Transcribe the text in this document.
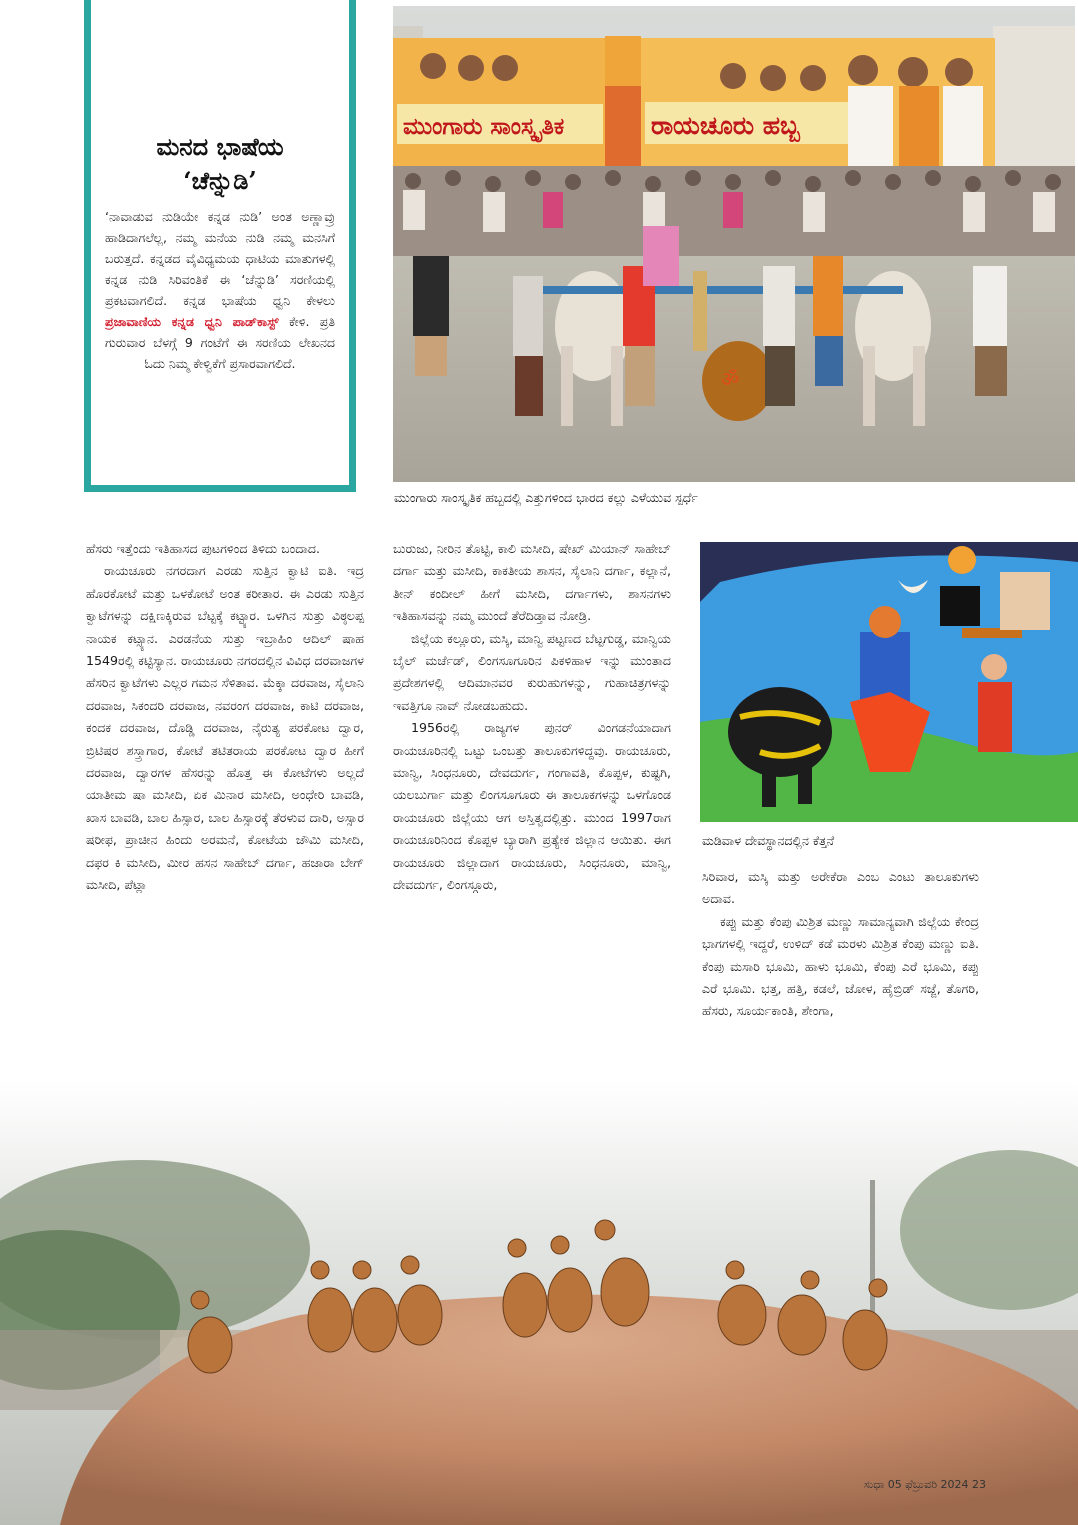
ಮನದ ಭಾಷೆಯ
‘ಚೆನ್ನುಡಿ’

‘ನಾವಾಡುವ ನುಡಿಯೇ ಕನ್ನಡ ನುಡಿ’ ಅಂತ ಅಣ್ಣಾವ್ರು ಹಾಡಿದಾಗಲೆಲ್ಲ, ನಮ್ಮ ಮನೆಯ ನುಡಿ ನಮ್ಮ ಮನಸಿಗೆ ಬರುತ್ತದೆ. ಕನ್ನಡದ ವೈವಿಧ್ಯಮಯ ಧಾಟಿಯ ಮಾತುಗಳಲ್ಲಿ ಕನ್ನಡ ನುಡಿ ಸಿರಿವಂತಿಕೆ ಈ ‘ಚೆನ್ನುಡಿ’ ಸರಣಿಯಲ್ಲಿ ಪ್ರಕಟವಾಗಲಿದೆ. ಕನ್ನಡ ಭಾಷೆಯ ಧ್ವನಿ ಕೇಳಲು ಪ್ರಜಾವಾಣಿಯ ಕನ್ನಡ ಧ್ವನಿ ಪಾಡ್‌ಕಾಸ್ಟ್ ಕೇಳಿ. ಪ್ರತಿ ಗುರುವಾರ ಬೆಳಗ್ಗೆ 9 ಗಂಟೆಗೆ ಈ ಸರಣಿಯ ಲೇಖನದ ಓದು ನಿಮ್ಮ ಕೇಳ್ವಿಕೆಗೆ ಪ್ರಸಾರವಾಗಲಿದೆ.

ಮುಂಗಾರು ಸಾಂಸ್ಕೃತಿಕ	ರಾಯಚೂರು ಹಬ್ಬ
ॐ
ಮುಂಗಾರು ಸಾಂಸ್ಕೃತಿಕ ಹಬ್ಬದಲ್ಲಿ ಎತ್ತುಗಳಿಂದ ಭಾರದ ಕಲ್ಲು ಎಳೆಯುವ ಸ್ಪರ್ಧೆ
ಮಡಿವಾಳ ದೇವಸ್ಥಾನದಲ್ಲಿನ ಕೆತ್ತನೆ

ಹೆಸರು ಇತ್ತೆಂದು ಇತಿಹಾಸದ ಪುಟಗಳಿಂದ ತಿಳಿದು ಬಂದಾದ.

ರಾಯಚೂರು ನಗರದಾಗ ಎರಡು ಸುತ್ತಿನ ಕ್ವಾಟಿ ಐತಿ. ಇದ್ರ ಹೊರಕೋಟೆ ಮತ್ತು ಒಳಕೋಟೆ ಅಂತ ಕರೀತಾರ. ಈ ಎರಡು ಸುತ್ತಿನ ಕ್ವಾಟೆಗಳನ್ನು ದಕ್ಷಿಣಕ್ಕಿರುವ ಬೆಟ್ಟಕ್ಕೆ ಕಟ್ಟ್ಯಾರ. ಒಳಗಿನ ಸುತ್ತು ವಿಠ್ಠಲಪ್ಪ ನಾಯಕ ಕಟ್ಸ್ಯಾನ. ಎರಡನೆಯ ಸುತ್ತು ಇಬ್ರಾಹಿಂ ಆದಿಲ್ ಷಾಹ 1549ರಲ್ಲಿ ಕಟ್ಟಿಸ್ಯಾನ. ರಾಯಚೂರು ನಗರದಲ್ಲಿನ ವಿವಿಧ ದರವಾಜಗಳ ಹೆಸರಿನ ಕ್ವಾಟೆಗಳು ಎಲ್ಲರ ಗಮನ ಸೆಳಿತಾವ. ಮೆಕ್ಕಾ ದರವಾಜ, ಸೈಲಾನಿ ದರವಾಜ, ಸಿಕಂದರಿ ದರವಾಜ, ನವರಂಗ ದರವಾಜ, ಕಾಟಿ ದರವಾಜ, ಕಂದಕ ದರವಾಜ, ದೊಡ್ಡಿ ದರವಾಜ, ನೈರುತ್ಯ ಪರಕೋಟ ದ್ವಾರ, ಬ್ರಿಟಿಷರ ಶಸ್ತ್ರಾಗಾರ, ಕೋಟೆ ತಟಿತರಾಯ ಪರಕೋಟ ದ್ವಾರ ಹೀಗೆ ದರವಾಜ, ದ್ವಾರಗಳ ಹೆಸರನ್ನು ಹೊತ್ತ ಈ ಕೋಟೆಗಳು ಅಲ್ಲದೆ ಯಾತೀಮ ಷಾ ಮಸೀದಿ, ಏಕ ಮಿನಾರ ಮಸೀದಿ, ಅಂಧೇರಿ ಬಾವಡಿ, ಖಾಸ ಬಾವಡಿ, ಬಾಲ ಹಿಸ್ಸಾರ, ಬಾಲ ಹಿಸ್ಸಾರಕ್ಕೆ ತೆರಳುವ ದಾರಿ, ಅಸ್ಸಾರ ಷರೀಫ, ಪ್ರಾಚೀನ ಹಿಂದು ಅರಮನೆ, ಕೋಟೆಯ ಜೌಮಿ ಮಸೀದಿ, ದಫರ ಕಿ ಮಸೀದಿ, ಮೀರ ಹಸನ ಸಾಹೇಬ್ ದರ್ಗಾ, ಹಜಾರಾ ಬೇಗ್ ಮಸೀದಿ, ಪೆಟ್ಲಾ

ಬುರುಜು, ನೀರಿನ ತೊಟ್ಟಿ, ಕಾಲಿ ಮಸೀದಿ, ಷೇಖ್ ಮಿಯಾನ್ ಸಾಹೇಬ್ ದರ್ಗಾ ಮತ್ತು ಮಸೀದಿ, ಕಾಕತೀಯ ಶಾಸನ, ಸೈಲಾನಿ ದರ್ಗಾ, ಕಲ್ಲಾನೆ, ತೀನ್ ಕಂದೀಲ್ ಹೀಗೆ ಮಸೀದಿ, ದರ್ಗಾಗಳು, ಶಾಸನಗಳು ಇತಿಹಾಸವನ್ನು ನಮ್ಮ ಮುಂದೆ ತೆರೆದಿಡ್ತಾವ ನೋಡ್ರಿ.

ಜಿಲ್ಲೆಯ ಕಲ್ಲೂರು, ಮಸ್ಕಿ, ಮಾನ್ವಿ ಪಟ್ಟಣದ ಬೆಟ್ಟಗುಡ್ಡ, ಮಾನ್ವಿಯ ಬೈಲ್ ಮರ್ಚೆಡ್, ಲಿಂಗಸೂಗೂರಿನ ಪಿಕಳಿಹಾಳ ಇನ್ನು ಮುಂತಾದ ಪ್ರದೇಶಗಳಲ್ಲಿ ಆದಿಮಾನವರ ಕುರುಹುಗಳನ್ನು, ಗುಹಾಚಿತ್ರಗಳನ್ನು ಇವತ್ತಿಗೂ ನಾವ್ ನೋಡಬಹುದು.

1956ರಲ್ಲಿ ರಾಜ್ಯಗಳ ಪುನರ್ ವಿಂಗಡನೆಯಾದಾಗ ರಾಯಚೂರಿನಲ್ಲಿ ಒಟ್ಟು ಒಂಬತ್ತು ತಾಲೂಕುಗಳಿದ್ದವು. ರಾಯಚೂರು, ಮಾನ್ವಿ, ಸಿಂಧನೂರು, ದೇವದುರ್ಗ, ಗಂಗಾವತಿ, ಕೊಪ್ಪಳ, ಕುಷ್ಟಗಿ, ಯಲಬುರ್ಗಾ ಮತ್ತು ಲಿಂಗಸೂಗೂರು ಈ ತಾಲೂಕಗಳನ್ನು ಒಳಗೊಂಡ ರಾಯಚೂರು ಜಿಲ್ಲೆಯು ಆಗ ಅಸ್ತಿತ್ವದಲ್ಲಿತ್ತು. ಮುಂದ 1997ರಾಗ ರಾಯಚೂರಿನಿಂದ ಕೊಪ್ಪಳ ಬ್ಯಾರಾಗಿ ಪ್ರತ್ಯೇಕ ಜಿಲ್ಲಾನ ಆಯಿತು. ಈಗ ರಾಯಚೂರು ಜಿಲ್ಲಾದಾಗ ರಾಯಚೂರು, ಸಿಂಧನೂರು, ಮಾನ್ವಿ, ದೇವದುರ್ಗ, ಲಿಂಗಸ್ಗೂರು,

ಸಿರಿವಾರ, ಮಸ್ಕಿ ಮತ್ತು ಅರೇಕೆರಾ ಎಂಬ ಎಂಟು ತಾಲೂಕುಗಳು ಅದಾವ.

ಕಪ್ಪು ಮತ್ತು ಕೆಂಪು ಮಿಶ್ರಿತ ಮಣ್ಣು ಸಾಮಾನ್ಯವಾಗಿ ಜಿಲ್ಲೆಯ ಕೇಂದ್ರ ಭಾಗಗಳಲ್ಲಿ ಇದ್ದರೆ, ಉಳಿದ್ ಕಡೆ ಮರಳು ಮಿಶ್ರಿತ ಕೆಂಪು ಮಣ್ಣು ಐತಿ. ಕೆಂಪು ಮಸಾರಿ ಭೂಮಿ, ಹಾಳು ಭೂಮಿ, ಕೆಂಪು ಎರೆ ಭೂಮಿ, ಕಪ್ಪು ಎರೆ ಭೂಮಿ. ಭತ್ತ, ಹತ್ತಿ, ಕಡಲೆ, ಜೋಳ, ಹೈಬ್ರಿಡ್ ಸಜ್ಜೆ, ತೊಗರಿ, ಹೆಸರು, ಸೂರ್ಯಕಾಂತಿ, ಶೇಂಗಾ,

ಸುಧಾ 05 ಫೆಬ್ರುವರಿ 2024 23
